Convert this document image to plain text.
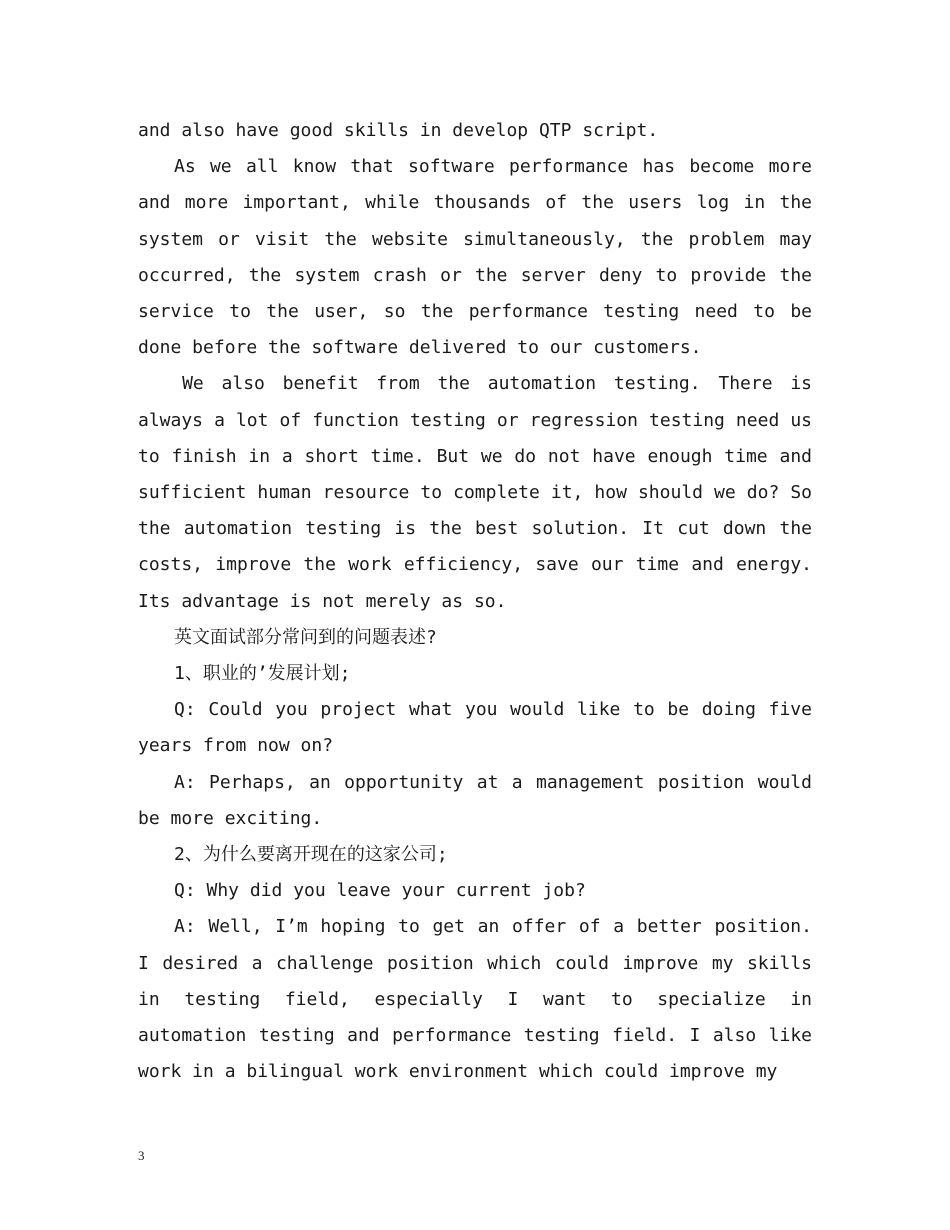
and also have good skills in develop QTP script.

As we all know that software performance has become more and more important, while thousands of the users log in the system or visit the website simultaneously, the problem may occurred, the system crash or the server deny to provide the service to the user, so the performance testing need to be done before the software delivered to our customers.

We also benefit from the automation testing. There is always a lot of function testing or regression testing need us to finish in a short time. But we do not have enough time and sufficient human resource to complete it, how should we do? So the automation testing is the best solution. It cut down the costs, improve the work efficiency, save our time and energy. Its advantage is not merely as so.

英文面试部分常问到的问题表述?

1、职业的’发展计划;

Q: Could you project what you would like to be doing five years from now on?

A: Perhaps, an opportunity at a management position would be more exciting.

2、为什么要离开现在的这家公司;

Q: Why did you leave your current job?

A: Well, I’m hoping to get an offer of a better position. I desired a challenge position which could improve my skills in testing field, especially I want to specialize in automation testing and performance testing field. I also like work in a bilingual work environment which could improve my

3
